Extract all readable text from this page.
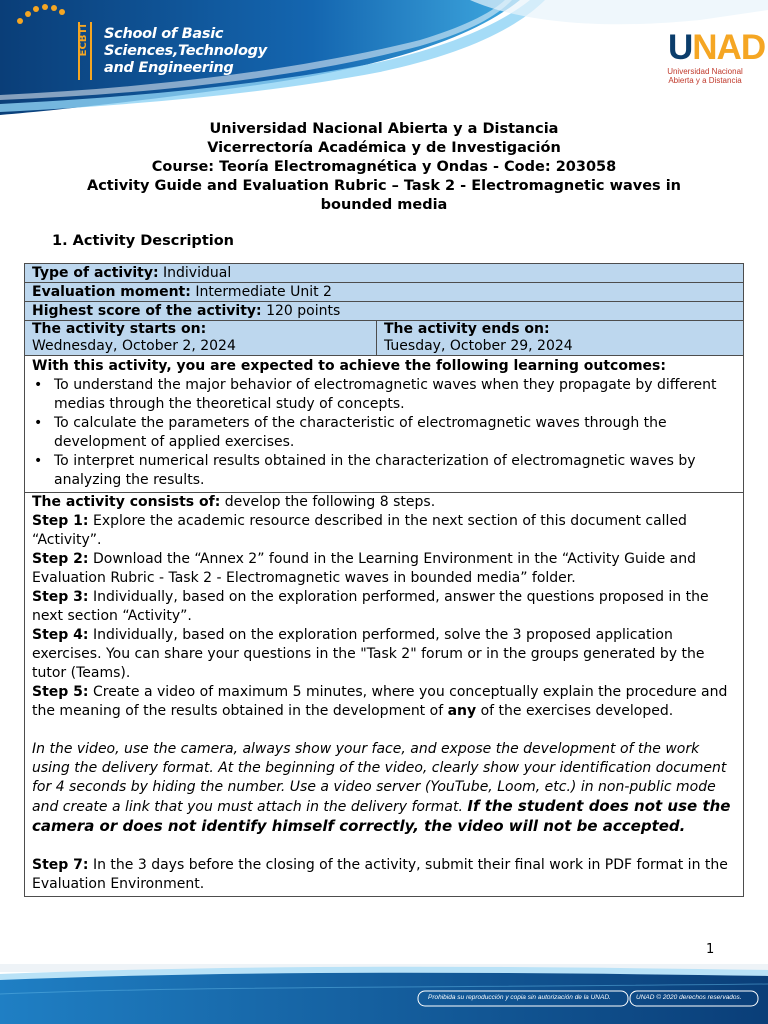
ECBTI School of Basic
Sciences,Technology
and Engineering
UNAD
Universidad Nacional
Abierta y a Distancia
Universidad Nacional Abierta y a Distancia
Vicerrectoría Académica y de Investigación
Course: Teoría Electromagnética y Ondas - Code: 203058
Activity Guide and Evaluation Rubric – Task 2 - Electromagnetic waves in
bounded media
1. Activity Description
Type of activity: Individual
Evaluation moment: Intermediate Unit 2
Highest score of the activity: 120 points

The activity starts on:
Wednesday, October 2, 2024

The activity ends on:
Tuesday, October 29, 2024

With this activity, you are expected to achieve the following learning outcomes:
• To understand the major behavior of electromagnetic waves when they propagate by different medias through the theoretical study of concepts.
• To calculate the parameters of the characteristic of electromagnetic waves through the development of applied exercises.
• To interpret numerical results obtained in the characterization of electromagnetic waves by analyzing the results.

The activity consists of: develop the following 8 steps.

Step 1: Explore the academic resource described in the next section of this document called “Activity”.

Step 2: Download the “Annex 2” found in the Learning Environment in the “Activity Guide and Evaluation Rubric - Task 2 - Electromagnetic waves in bounded media” folder.

Step 3: Individually, based on the exploration performed, answer the questions proposed in the next section “Activity”.

Step 4: Individually, based on the exploration performed, solve the 3 proposed application exercises. You can share your questions in the "Task 2" forum or in the groups generated by the tutor (Teams).

Step 5: Create a video of maximum 5 minutes, where you conceptually explain the procedure and the meaning of the results obtained in the development of any of the exercises developed.

In the video, use the camera, always show your face, and expose the development of the work using the delivery format. At the beginning of the video, clearly show your identification document for 4 seconds by hiding the number. Use a video server (YouTube, Loom, etc.) in non-public mode and create a link that you must attach in the delivery format. If the student does not use the camera or does not identify himself correctly, the video will not be accepted.

Step 7: In the 3 days before the closing of the activity, submit their final work in PDF format in the Evaluation Environment.

1
Prohibida su reproducción y copia sin autorización de la UNAD.	UNAD © 2020 derechos reservados.
